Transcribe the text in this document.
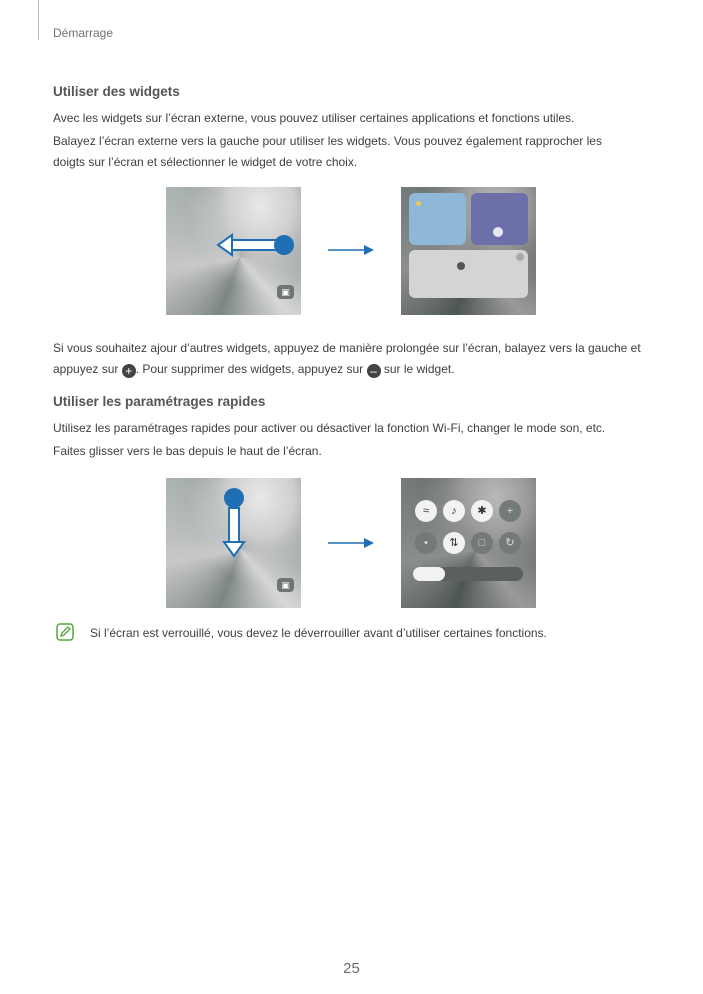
Démarrage
Utiliser des widgets
Avec les widgets sur l’écran externe, vous pouvez utiliser certaines applications et fonctions utiles.
Balayez l’écran externe vers la gauche pour utiliser les widgets. Vous pouvez également rapprocher les doigts sur l’écran et sélectionner le widget de votre choix.
▣
Si vous souhaitez ajour d’autres widgets, appuyez de manière prolongée sur l’écran, balayez vers la gauche et appuyez sur + . Pour supprimer des widgets, appuyez sur – sur le widget.
Utiliser les paramétrages rapides
Utilisez les paramétrages rapides pour activer ou désactiver la fonction Wi-Fi, changer le mode son, etc.
Faites glisser vers le bas depuis le haut de l’écran.
▣
≈	♪	✱	+
•	⇅	□	↻
Si l’écran est verrouillé, vous devez le déverrouiller avant d’utiliser certaines fonctions.
25
